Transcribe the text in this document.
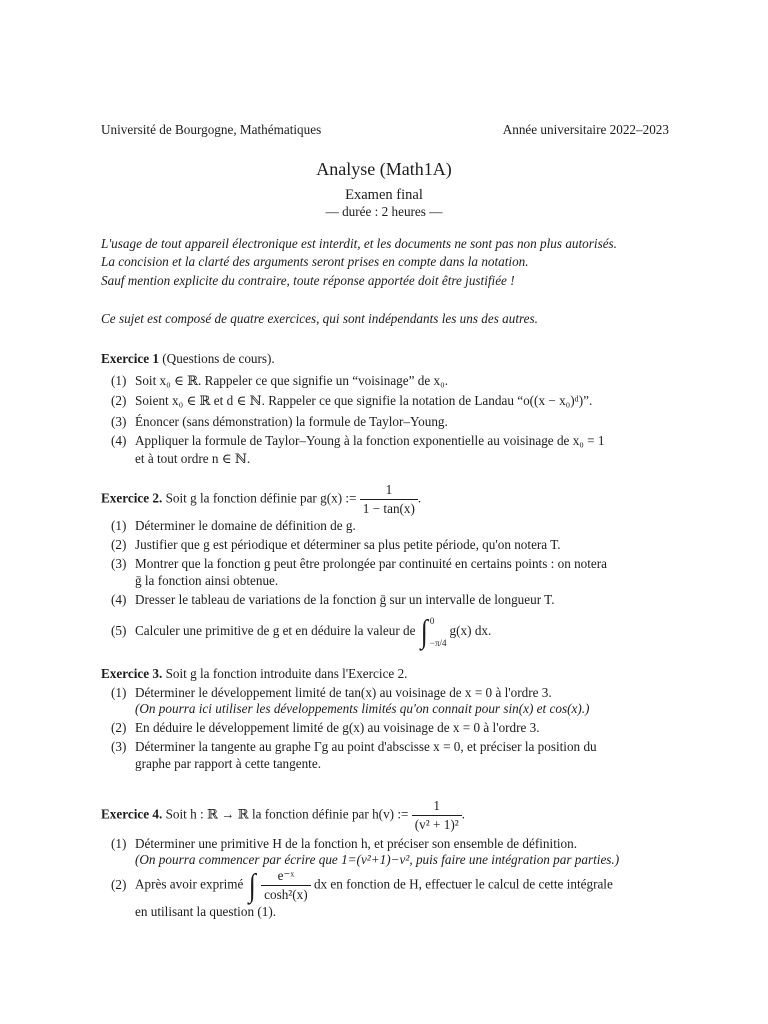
Université de Bourgogne, Mathématiques	Année universitaire 2022–2023
Analyse (Math1A)
Examen final
— durée : 2 heures —
L'usage de tout appareil électronique est interdit, et les documents ne sont pas non plus autorisés.
La concision et la clarté des arguments seront prises en compte dans la notation.
Sauf mention explicite du contraire, toute réponse apportée doit être justifiée !
Ce sujet est composé de quatre exercices, qui sont indépendants les uns des autres.
Exercice 1 (Questions de cours).
(1) Soit x₀ ∈ ℝ. Rappeler ce que signifie un “voisinage” de x₀.
(2) Soient x₀ ∈ ℝ et d ∈ ℕ. Rappeler ce que signifie la notation de Landau “o((x − x₀)ᵈ)”.
(3) Énoncer (sans démonstration) la formule de Taylor–Young.
(4) Appliquer la formule de Taylor–Young à la fonction exponentielle au voisinage de x₀ = 1
et à tout ordre n ∈ ℕ.
Exercice 2. Soit g la fonction définie par g(x) := $\frac{1}{1 - \tan(x)}$ .
(1) Déterminer le domaine de définition de g.
(2) Justifier que g est périodique et déterminer sa plus petite période, qu'on notera T.
(3) Montrer que la fonction g peut être prolongée par continuité en certains points : on notera
ḡ la fonction ainsi obtenue.
(4) Dresser le tableau de variations de la fonction ḡ sur un intervalle de longueur T.
(5) Calculer une primitive de g et en déduire la valeur de ∫ 0
−π/4
g(x) dx.
Exercice 3. Soit g la fonction introduite dans l'Exercice 2.
(1) Déterminer le développement limité de tan(x) au voisinage de x = 0 à l'ordre 3.
(On pourra ici utiliser les développements limités qu'on connait pour sin(x) et cos(x).)
(2) En déduire le développement limité de g(x) au voisinage de x = 0 à l'ordre 3.
(3) Déterminer la tangente au graphe Γg au point d'abscisse x = 0, et préciser la position du
graphe par rapport à cette tangente.
Exercice 4. Soit h : ℝ → ℝ la fonction définie par h(v) := $\frac{1}{\text{(v² + 1)²}}$ .
(1) Déterminer une primitive H de la fonction h, et préciser son ensemble de définition.
(On pourra commencer par écrire que 1=(v²+1)−v², puis faire une intégration par parties.)
(2) Après avoir exprimé ∫ $\frac{\text{e⁻ˣ}}{\text{cosh²(x)}}$ dx en fonction de H, effectuer le calcul de cette intégrale
en utilisant la question (1).
